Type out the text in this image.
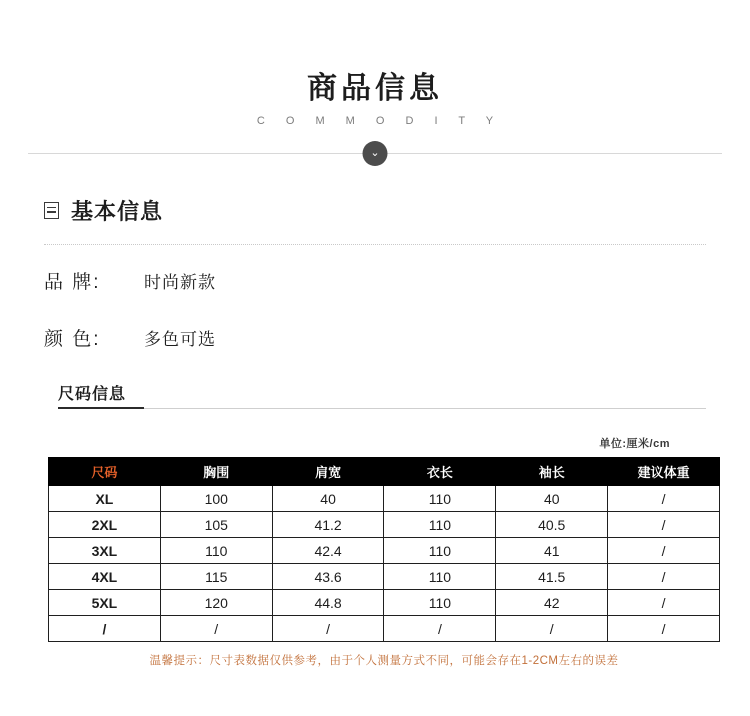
商品信息
C O M M O D I T Y
⌄
基本信息
品 牌:	时尚新款
颜 色:	多色可选
尺码信息
单位:厘米/cm
尺码	胸围	肩宽	衣长	袖长	建议体重
XL	100	40	110	40	/
2XL	105	41.2	110	40.5	/
3XL	110	42.4	110	41	/
4XL	115	43.6	110	41.5	/
5XL	120	44.8	110	42	/
/	/	/	/	/	/
温馨提示：尺寸表数据仅供参考，由于个人测量方式不同，可能会存在1-2CM左右的误差
